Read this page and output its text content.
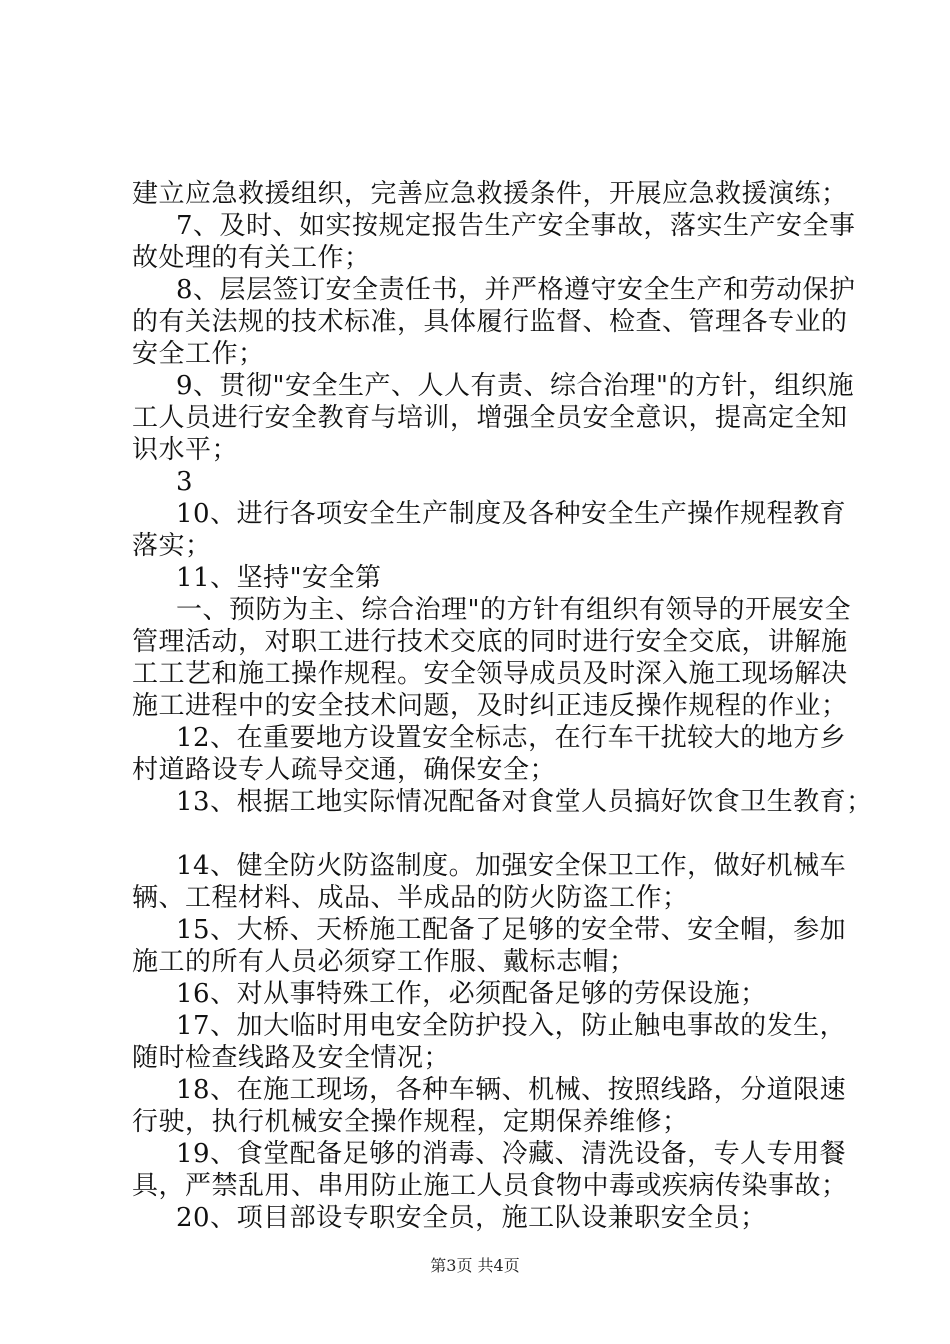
建立应急救援组织，完善应急救援条件，开展应急救援演练；
7、及时、如实按规定报告生产安全事故，落实生产安全事
故处理的有关工作；
8、层层签订安全责任书，并严格遵守安全生产和劳动保护
的有关法规的技术标准，具体履行监督、检查、管理各专业的
安全工作；
9、贯彻"安全生产、人人有责、综合治理"的方针，组织施
工人员进行安全教育与培训，增强全员安全意识，提高定全知
识水平；
3
10、进行各项安全生产制度及各种安全生产操作规程教育
落实；
11、坚持"安全第
一、预防为主、综合治理"的方针有组织有领导的开展安全
管理活动，对职工进行技术交底的同时进行安全交底，讲解施
工工艺和施工操作规程。安全领导成员及时深入施工现场解决
施工进程中的安全技术问题，及时纠正违反操作规程的作业；
12、在重要地方设置安全标志，在行车干扰较大的地方乡
村道路设专人疏导交通，确保安全；
13、根据工地实际情况配备对食堂人员搞好饮食卫生教育；
14、健全防火防盗制度。加强安全保卫工作，做好机械车
辆、工程材料、成品、半成品的防火防盗工作；
15、大桥、天桥施工配备了足够的安全带、安全帽，参加
施工的所有人员必须穿工作服、戴标志帽；
16、对从事特殊工作，必须配备足够的劳保设施；
17、加大临时用电安全防护投入，防止触电事故的发生，
随时检查线路及安全情况；
18、在施工现场，各种车辆、机械、按照线路，分道限速
行驶，执行机械安全操作规程，定期保养维修；
19、食堂配备足够的消毒、冷藏、清洗设备，专人专用餐
具，严禁乱用、串用防止施工人员食物中毒或疾病传染事故；
20、项目部设专职安全员，施工队设兼职安全员；
第3页 共4页
